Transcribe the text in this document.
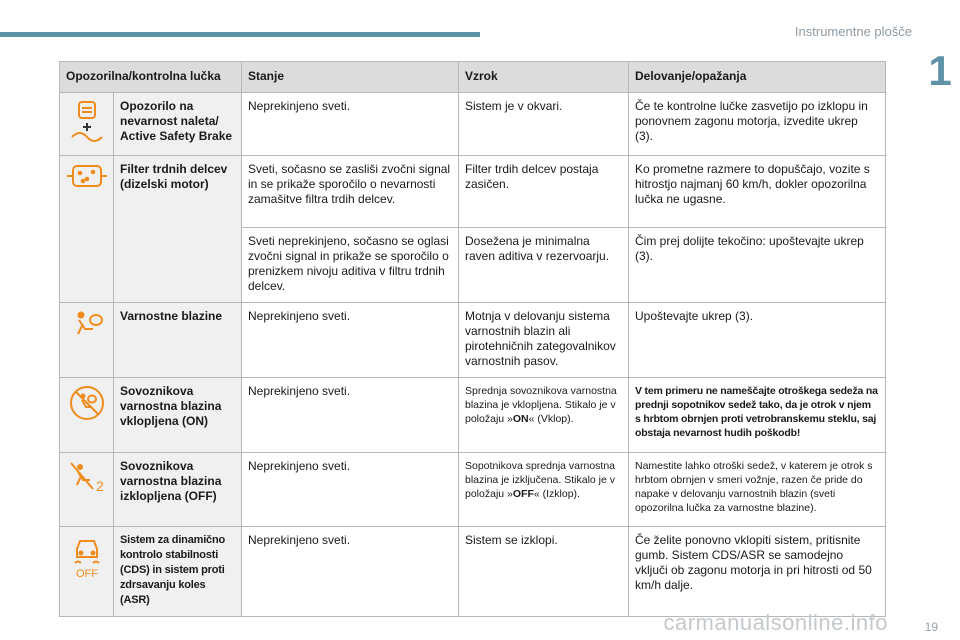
Instrumentne plošče
1
Opozorilna/kontrolna lučka		Stanje	Vzrok	Delovanje/opažanja
	Opozorilo na nevarnost naleta/ Active Safety Brake	Neprekinjeno sveti.	Sistem je v okvari.	Če te kontrolne lučke zasvetijo po izklopu in ponovnem zagonu motorja, izvedite ukrep (3).
	Filter trdnih delcev (dizelski motor)	Sveti, sočasno se zasliši zvočni signal in se prikaže sporočilo o nevarnosti zamašitve filtra trdih delcev.	Filter trdih delcev postaja zasičen.	Ko prometne razmere to dopuščajo, vozite s hitrostjo najmanj 60 km/h, dokler opozorilna lučka ne ugasne.
		Sveti neprekinjeno, sočasno se oglasi zvočni signal in prikaže se sporočilo o prenizkem nivoju aditiva v filtru trdnih delcev.	Dosežena je minimalna raven aditiva v rezervoarju.	Čim prej dolijte tekočino: upoštevajte ukrep (3).
	Varnostne blazine	Neprekinjeno sveti.	Motnja v delovanju sistema varnostnih blazin ali pirotehničnih zategovalnikov varnostnih pasov.	Upoštevajte ukrep (3).
	Sovoznikova varnostna blazina vklopljena (ON)	Neprekinjeno sveti.	Sprednja sovoznikova varnostna blazina je vklopljena. Stikalo je v položaju »ON« (Vklop).	V tem primeru ne nameščajte otroškega sedeža na prednji sopotnikov sedež tako, da je otrok v njem s hrbtom obrnjen proti vetrobranskemu steklu, saj obstaja nevarnost hudih poškodb!

2	Sovoznikova varnostna blazina izklopljena (OFF)	Neprekinjeno sveti.	Sopotnikova sprednja varnostna blazina je izključena. Stikalo je v položaju »OFF« (Izklop).	Namestite lahko otroški sedež, v katerem je otrok s hrbtom obrnjen v smeri vožnje, razen če pride do napake v delovanju varnostnih blazin (sveti opozorilna lučka za varnostne blazine).

OFF	Sistem za dinamično kontrolo stabilnosti (CDS) in sistem proti zdrsavanju koles (ASR)	Neprekinjeno sveti.	Sistem se izklopi.	Če želite ponovno vklopiti sistem, pritisnite gumb. Sistem CDS/ASR se samodejno vključi ob zagonu motorja in pri hitrosti od 50 km/h dalje.
carmanualsonline.info	19
